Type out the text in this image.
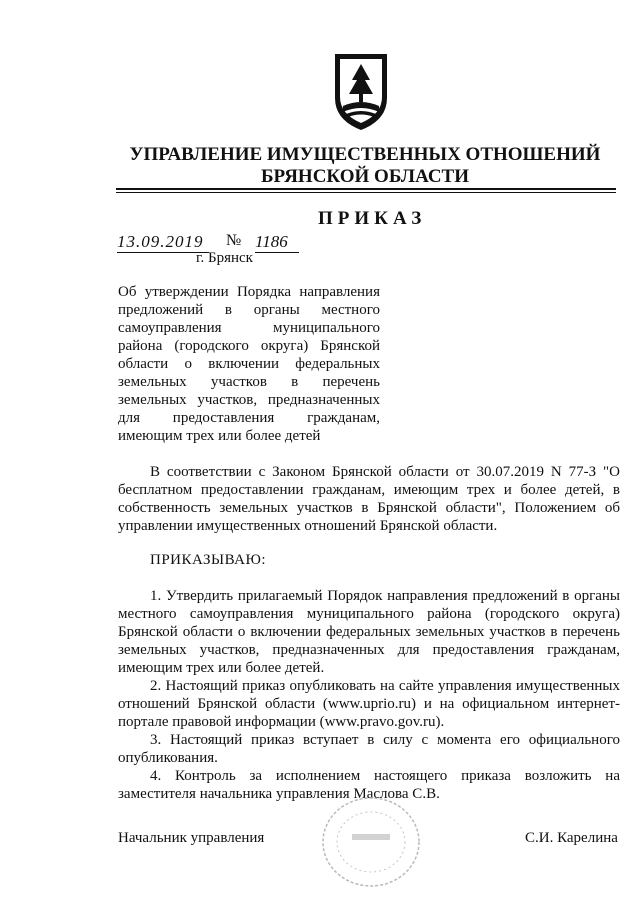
УПРАВЛЕНИЕ ИМУЩЕСТВЕННЫХ ОТНОШЕНИЙ
БРЯНСКОЙ ОБЛАСТИ
ПРИКАЗ
13.09.2019	№ 1186
г. Брянск
Об утверждении Порядка направления предложений в органы местного самоуправления муниципального района (городского округа) Брянской области о включении федеральных земельных участков в перечень земельных участков, предназначенных для предоставления гражданам, имеющим трех или более детей

В соответствии с Законом Брянской области от 30.07.2019 N 77-З "О бесплатном предоставлении гражданам, имеющим трех и более детей, в собственность земельных участков в Брянской области", Положением об управлении имущественных отношений Брянской области.

ПРИКАЗЫВАЮ:

1. Утвердить прилагаемый Порядок направления предложений в органы местного самоуправления муниципального района (городского округа) Брянской области о включении федеральных земельных участков в перечень земельных участков, предназначенных для предоставления гражданам, имеющим трех или более детей.

2. Настоящий приказ опубликовать на сайте управления имущественных отношений Брянской области (www.uprio.ru) и на официальном интернет-портале правовой информации (www.pravo.gov.ru).

3. Настоящий приказ вступает в силу с момента его официального опубликования.

4. Контроль за исполнением настоящего приказа возложить на заместителя начальника управления Маслова С.В.

Начальник управления	С.И. Карелина
